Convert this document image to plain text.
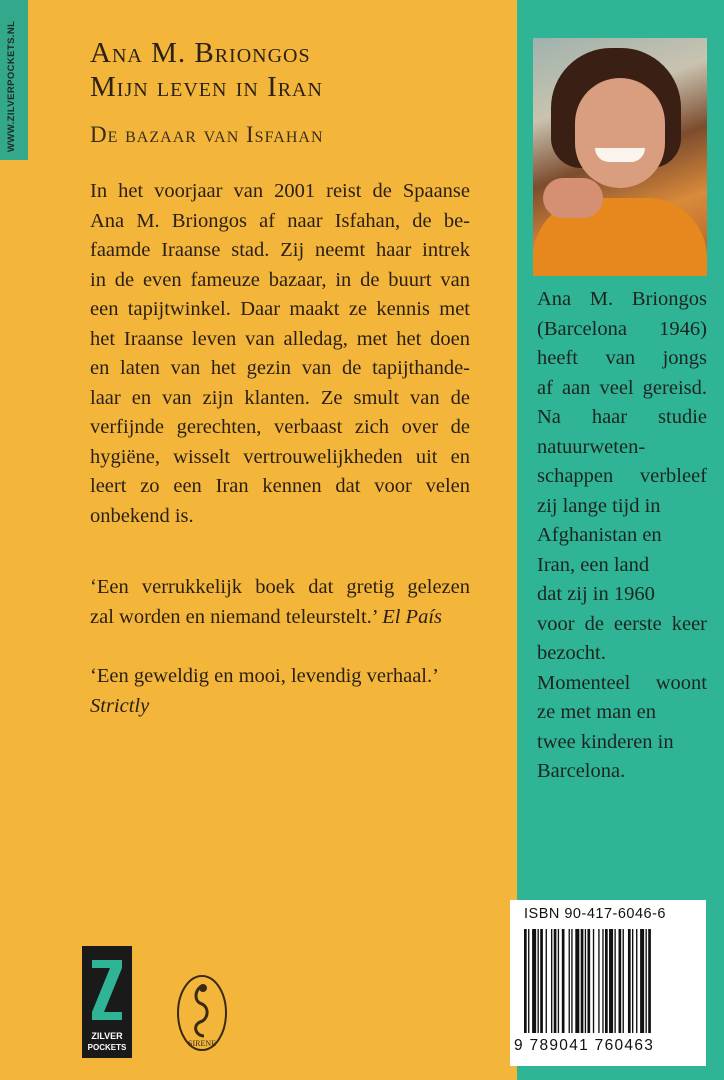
WWW.ZILVERPOCKETS.NL	Ana M. Briongos
Mijn leven in Iran
De bazaar van Isfahan
In het voorjaar van 2001 reist de Spaanse
Ana M. Briongos af naar Isfahan, de be-
faamde Iraanse stad. Zij neemt haar intrek
in de even fameuze bazaar, in de buurt van
een tapijtwinkel. Daar maakt ze kennis met
het Iraanse leven van alledag, met het doen
en laten van het gezin van de tapijthande-
laar en van zijn klanten. Ze smult van de
verfijnde gerechten, verbaast zich over de
hygiëne, wisselt vertrouwelijkheden uit en
leert zo een Iran kennen dat voor velen
onbekend is.
‘Een verrukkelijk boek dat gretig gelezen
zal worden en niemand teleurstelt.’ El País
‘Een geweldig en mooi, levendig verhaal.’
Strictly
Ana M. Briongos
(Barcelona 1946)
heeft van jongs
af aan veel gereisd.
Na haar studie
natuurweten-
schappen verbleef
zij lange tijd in
Afghanistan en
Iran, een land
dat zij in 1960
voor de eerste keer
bezocht.
Momenteel woont
ze met man en
twee kinderen in
Barcelona.
ISBN 90-417-6046-6
9 789041 760463
ZILVER
POCKETS	SIRENE
